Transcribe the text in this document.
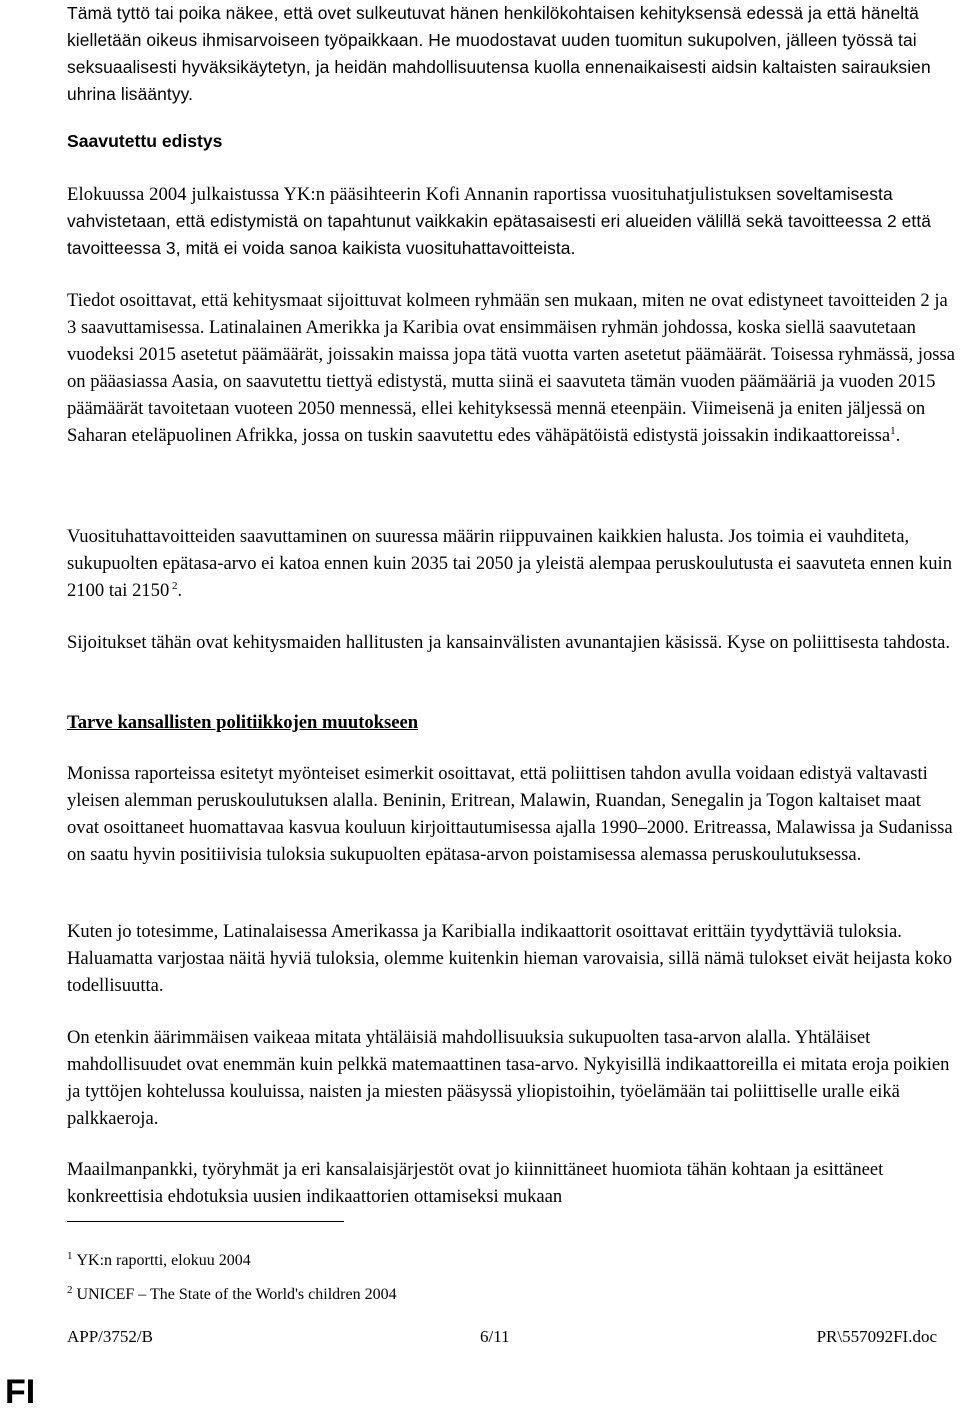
Tämä tyttö tai poika näkee, että ovet sulkeutuvat hänen henkilökohtaisen kehityksensä edessä ja että häneltä kielletään oikeus ihmisarvoiseen työpaikkaan. He muodostavat uuden tuomitun sukupolven, jälleen työssä tai seksuaalisesti hyväksikäytetyn, ja heidän mahdollisuutensa kuolla ennenaikaisesti aidsin kaltaisten sairauksien uhrina lisääntyy.

Saavutettu edistys

Elokuussa 2004 julkaistussa YK:n pääsihteerin Kofi Annanin raportissa vuosituhatjulistuksen soveltamisesta vahvistetaan, että edistymistä on tapahtunut vaikkakin epätasaisesti eri alueiden välillä sekä tavoitteessa 2 että tavoitteessa 3, mitä ei voida sanoa kaikista vuosituhattavoitteista.

Tiedot osoittavat, että kehitysmaat sijoittuvat kolmeen ryhmään sen mukaan, miten ne ovat edistyneet tavoitteiden 2 ja 3 saavuttamisessa. Latinalainen Amerikka ja Karibia ovat ensimmäisen ryhmän johdossa, koska siellä saavutetaan vuodeksi 2015 asetetut päämäärät, joissakin maissa jopa tätä vuotta varten asetetut päämäärät. Toisessa ryhmässä, jossa on pääasiassa Aasia, on saavutettu tiettyä edistystä, mutta siinä ei saavuteta tämän vuoden päämääriä ja vuoden 2015 päämäärät tavoitetaan vuoteen 2050 mennessä, ellei kehityksessä mennä eteenpäin. Viimeisenä ja eniten jäljessä on Saharan eteläpuolinen Afrikka, jossa on tuskin saavutettu edes vähäpätöistä edistystä joissakin indikaattoreissa$^1$.

Vuosituhattavoitteiden saavuttaminen on suuressa määrin riippuvainen kaikkien halusta. Jos toimia ei vauhditeta, sukupuolten epätasa-arvo ei katoa ennen kuin 2035 tai 2050 ja yleistä alempaa peruskoulutusta ei saavuteta ennen kuin 2100 tai 2150 $^2$.

Sijoitukset tähän ovat kehitysmaiden hallitusten ja kansainvälisten avunantajien käsissä. Kyse on poliittisesta tahdosta.

Tarve kansallisten politiikkojen muutokseen

Monissa raporteissa esitetyt myönteiset esimerkit osoittavat, että poliittisen tahdon avulla voidaan edistyä valtavasti yleisen alemman peruskoulutuksen alalla. Beninin, Eritrean, Malawin, Ruandan, Senegalin ja Togon kaltaiset maat ovat osoittaneet huomattavaa kasvua kouluun kirjoittautumisessa ajalla 1990–2000. Eritreassa, Malawissa ja Sudanissa on saatu hyvin positiivisia tuloksia sukupuolten epätasa-arvon poistamisessa alemassa peruskoulutuksessa.

Kuten jo totesimme, Latinalaisessa Amerikassa ja Karibialla indikaattorit osoittavat erittäin tyydyttäviä tuloksia. Haluamatta varjostaa näitä hyviä tuloksia, olemme kuitenkin hieman varovaisia, sillä nämä tulokset eivät heijasta koko todellisuutta.

On etenkin äärimmäisen vaikeaa mitata yhtäläisiä mahdollisuuksia sukupuolten tasa-arvon alalla. Yhtäläiset mahdollisuudet ovat enemmän kuin pelkkä matemaattinen tasa-arvo. Nykyisillä indikaattoreilla ei mitata eroja poikien ja tyttöjen kohtelussa kouluissa, naisten ja miesten pääsyssä yliopistoihin, työelämään tai poliittiselle uralle eikä palkkaeroja.

Maailmanpankki, työryhmät ja eri kansalaisjärjestöt ovat jo kiinnittäneet huomiota tähän kohtaan ja esittäneet konkreettisia ehdotuksia uusien indikaattorien ottamiseksi mukaan

$^1$ YK:n raportti, elokuu 2004
$^2$ UNICEF – The State of the World's children 2004
APP/3752/B	6/11	PR\557092FI.doc
FI
